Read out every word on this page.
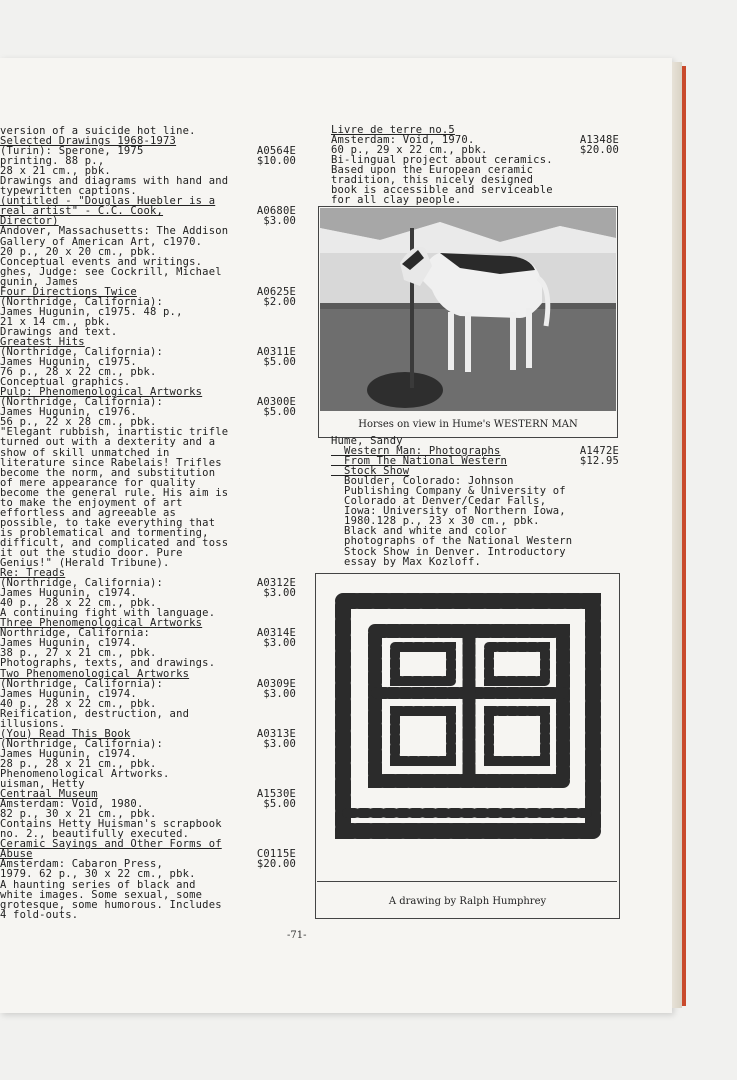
version of a suicide hot line.
Selected Drawings 1968-1973
(Turin): Sperone, 1975	A0564E
printing. 88 p.,	$10.00
28 x 21 cm., pbk.
Drawings and diagrams with hand and
typewritten captions.
(untitled - "Douglas Huebler is a
real artist" - C.C. Cook,	A0680E
Director)	$3.00
Andover, Massachusetts: The Addison
Gallery of American Art, c1970.
20 p., 20 x 20 cm., pbk.
Conceptual events and writings.
ghes, Judge: see Cockrill, Michael
gunin, James
Four Directions Twice	A0625E
(Northridge, California):	$2.00
James Hugunin, c1975. 48 p.,
21 x 14 cm., pbk.
Drawings and text.
Greatest Hits
(Northridge, California):	A0311E
James Hugunin, c1975.	$5.00
76 p., 28 x 22 cm., pbk.
Conceptual graphics.
Pulp: Phenomenological Artworks
(Northridge, California):	A0300E
James Hugunin, c1976.	$5.00
56 p., 22 x 28 cm., pbk.
"Elegant rubbish, inartistic trifle
turned out with a dexterity and a
show of skill unmatched in
literature since Rabelais! Trifles
become the norm, and substitution
of mere appearance for quality
become the general rule. His aim is
to make the enjoyment of art
effortless and agreeable as
possible, to take everything that
is problematical and tormenting,
difficult, and complicated and toss
it out the studio door. Pure
Genius!" (Herald Tribune).
Re: Treads
(Northridge, California):	A0312E
James Hugunin, c1974.	$3.00
40 p., 28 x 22 cm., pbk.
A continuing fight with language.
Three Phenomenological Artworks
Northridge, California:	A0314E
James Hugunin, c1974.	$3.00
38 p., 27 x 21 cm., pbk.
Photographs, texts, and drawings.
Two Phenomenological Artworks
(Northridge, California):	A0309E
James Hugunin, c1974.	$3.00
40 p., 28 x 22 cm., pbk.
Reification, destruction, and
illusions.
(You) Read This Book	A0313E
(Northridge, California):	$3.00
James Hugunin, c1974.
28 p., 28 x 21 cm., pbk.
Phenomenological Artworks.
uisman, Hetty
Centraal Museum	A1530E
Amsterdam: Void, 1980.	$5.00
82 p., 30 x 21 cm., pbk.
Contains Hetty Huisman's scrapbook
no. 2., beautifully executed.
Ceramic Sayings and Other Forms of
Abuse	C0115E
Amsterdam: Cabaron Press,	$20.00
1979. 62 p., 30 x 22 cm., pbk.
A haunting series of black and
white images. Some sexual, some
grotesque, some humorous. Includes
4 fold-outs.
Livre de terre no.5
Amsterdam: Void, 1970.	A1348E
60 p., 29 x 22 cm., pbk.	$20.00
Bi-lingual project about ceramics.
Based upon the European ceramic
tradition, this nicely designed
book is accessible and serviceable
for all clay people.
Horses on view in Hume's WESTERN MAN
Hume, Sandy
Western Man: Photographs	A1472E
From The National Western	$12.95
Stock Show
Boulder, Colorado: Johnson
Publishing Company & University of
Colorado at Denver/Cedar Falls,
Iowa: University of Northern Iowa,
1980.128 p., 23 x 30 cm., pbk.
Black and white and color
photographs of the National Western
Stock Show in Denver. Introductory
essay by Max Kozloff.
A drawing by Ralph Humphrey
-71-
